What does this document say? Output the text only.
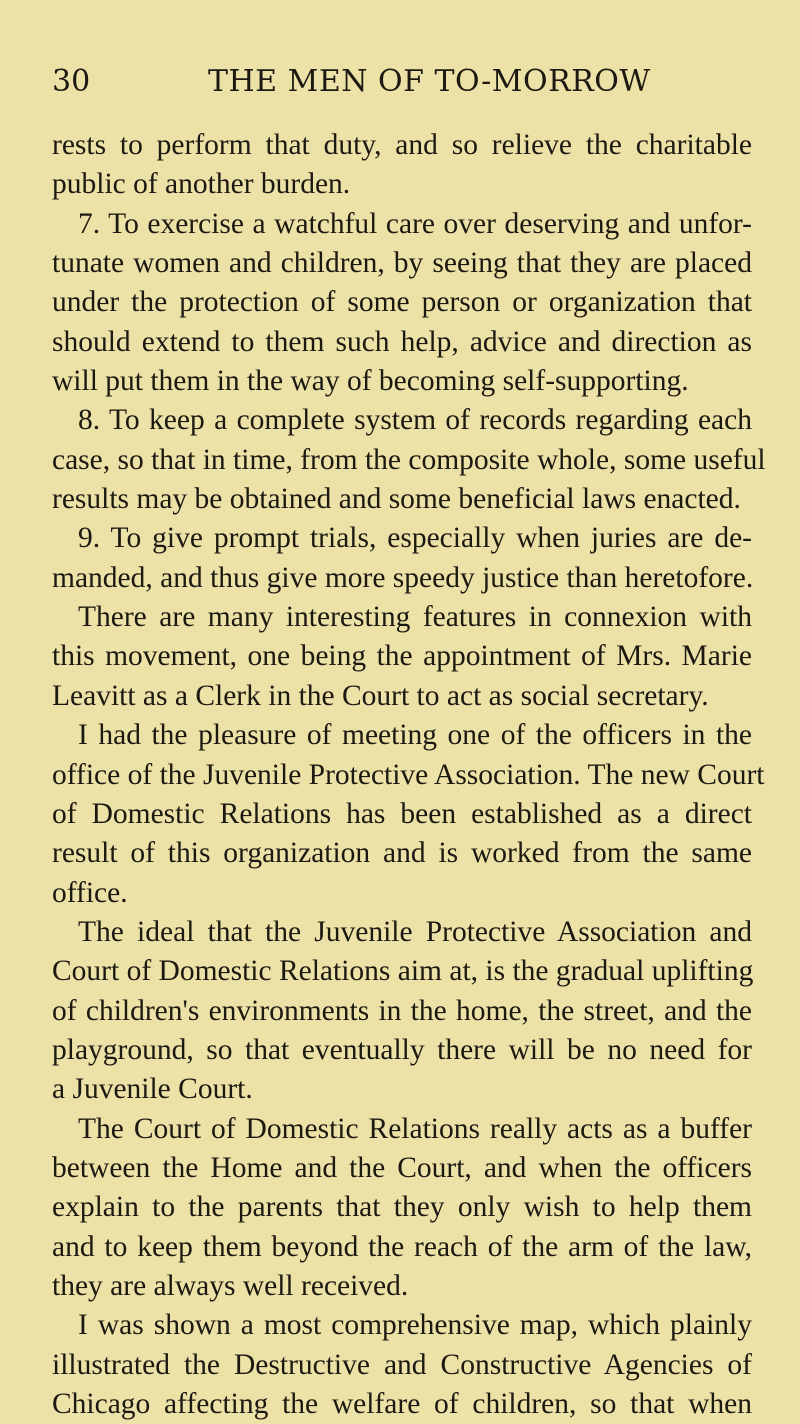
30	THE MEN OF TO-MORROW
rests to perform that duty, and so relieve the charitable
public of another burden.
7. To exercise a watchful care over deserving and unfor-
tunate women and children, by seeing that they are placed
under the protection of some person or organization that
should extend to them such help, advice and direction as
will put them in the way of becoming self-supporting.
8. To keep a complete system of records regarding each
case, so that in time, from the composite whole, some useful
results may be obtained and some beneficial laws enacted.
9. To give prompt trials, especially when juries are de-
manded, and thus give more speedy justice than heretofore.
There are many interesting features in connexion with
this movement, one being the appointment of Mrs. Marie
Leavitt as a Clerk in the Court to act as social secretary.
I had the pleasure of meeting one of the officers in the
office of the Juvenile Protective Association. The new Court
of Domestic Relations has been established as a direct
result of this organization and is worked from the same
office.
The ideal that the Juvenile Protective Association and
Court of Domestic Relations aim at, is the gradual uplifting
of children's environments in the home, the street, and the
playground, so that eventually there will be no need for
a Juvenile Court.
The Court of Domestic Relations really acts as a buffer
between the Home and the Court, and when the officers
explain to the parents that they only wish to help them
and to keep them beyond the reach of the arm of the law,
they are always well received.
I was shown a most comprehensive map, which plainly
illustrated the Destructive and Constructive Agencies of
Chicago affecting the welfare of children, so that when
